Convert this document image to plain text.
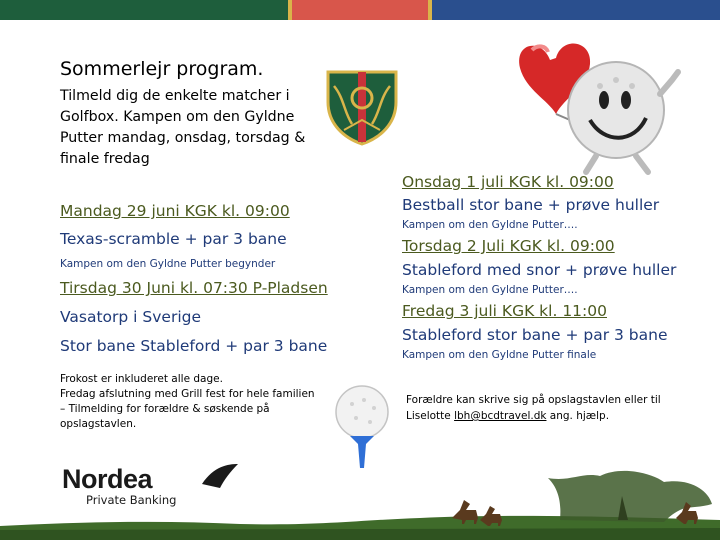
Sommerlejr program.
Tilmeld dig de enkelte matcher i Golfbox. Kampen om den Gyldne Putter mandag, onsdag, torsdag & finale fredag
Mandag 29 juni KGK kl. 09:00
Texas-scramble + par 3 bane
Kampen om den Gyldne Putter begynder
Tirsdag 30 Juni kl. 07:30 P-Pladsen
Vasatorp i Sverige
Stor bane Stableford + par 3 bane
Onsdag 1 juli KGK kl. 09:00
Bestball stor bane + prøve huller
Kampen om den Gyldne Putter….
Torsdag 2 Juli KGK kl. 09:00
Stableford med snor + prøve huller
Kampen om den Gyldne Putter….
Fredag 3 juli KGK kl. 11:00
Stableford stor bane + par 3 bane
Kampen om den Gyldne Putter finale
Frokost er inkluderet alle dage.
Fredag afslutning med Grill fest for hele familien – Tilmelding for forældre & søskende på opslagstavlen.
Forældre kan skrive sig på opslagstavlen eller til Liselotte lbh@bcdtravel.dk ang. hjælp.
Nordea
Private Banking
